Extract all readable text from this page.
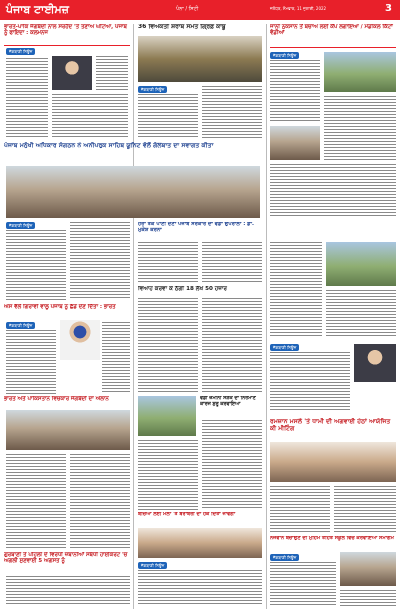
ਪੰਜਾਬ ਟਾਈਮਜ਼	ਪੰਨਾ / ਸਿਟੀ	ਜਲੰਧਰ, ਸੋਮਵਾਰ, 11 ਜੁਲਾਈ, 2022	3
ਭਾਰਤ-ਪਾਕਿ ਜੰਗਬੰਦੀ ਨਾਲ ਸਰਹੱਦ 'ਤੇ ਤਣਾਅ ਘਟਿਆ, ਪੰਜਾਬ ਨੂੰ ਫਾਇਦਾ : ਕਲਮਨਜ
ਜੱਗਬਾਣੀ ਨਿਊਜ਼
ਪੰਜਾਬ ਮਨੁੱਖੀ ਅਧਿਕਾਰ ਸੰਗਠਨ ਨੇ ਅਨੀਪਰੁਕ ਸਾਹਿਬ ਯੂਨਿਟ ਵੱਲੋਂ ਗੱਲਬਾਤ ਦਾ ਸਵਾਗਤ ਕੀਤਾ
ਜੱਗਬਾਣੀ ਨਿਊਜ਼
ਐਸ ਵੱਲੋਂ ਗਿਰਾਵੀ ਵਾਲੂ ਪੰਜਾਬ ਨੂੰ ਛੱਡੇ ਦੇਣ ਦਿੱਤਾ : ਭਾਰਤ
ਜੱਗਬਾਣੀ ਨਿਊਜ਼
ਭਾਰਤ ਅਤੇ ਪਾਕਿਸਤਾਨ ਵਿਚਕਾਰ ਜੰਗਬੰਦੀ ਦਾ ਐਲਾਨ
ਗੁਰਬਾਣੀ ਤੇ ਪਹਿਲੀ ਦੇ ਵਿਰੋਧੀ ਜ਼ਬਾਨੀਆਂ ਸਬੰਧੀ ਹਾਈਕੋਰਟ 'ਚ ਅਗਲੀ ਸੁਣਵਾਈ 5 ਅਗਸਤ ਨੂੰ
36 ਵਿਅਕਤੀ ਸ਼ਰਾਬ ਸਮੇਤ ਗ੍ਰਿਫ਼ ਕਾਬੂ
ਜੱਗਬਾਣੀ ਨਿਊਜ਼
ਹੋਰਾਂ ਤੱਕ ਪਾਣੀ ਦੇਣਾ ਪੰਜਾਬ ਸਰਕਾਰ ਦਾ ਵੱਡਾ ਉਪਰਾਲਾ : ਡਾ. ਮੁਕੇਸ਼ ਕਰਨਾ
ਵਿਆਹ ਕਰਵਾ ਕੇ ਠੱਗੀ 18 ਲੱਖ 50 ਹਜ਼ਾਰ
ਵੱਡੀ ਜ਼ਮੀਨੀ ਸੜਕ ਦਾ ਨਿਰਮਾਣ ਕਾਰਜ ਸ਼ੁਰੂ ਕਰਵਾਇਆ
ਬੱਚਿਆਂ ਲਈ ਮੇਲਾ 'ਤੇ ਬਰਾਬਰੀ ਦਾ ਹੱਕ ਦਿੱਤਾ ਜਾਵੇਗਾ
ਜੱਗਬਾਣੀ ਨਿਊਜ਼
ਜਾਨੀ ਨੁਕਸਾਨ ਤੋਂ ਬਚਾਅ ਲਈ ਕੈਂਪ ਲਗਾਇਆ / ਮੈਡੀਕਲ ਕਿੱਟਾਂ ਵੰਡੀਆਂ
ਜੱਗਬਾਣੀ ਨਿਊਜ਼
ਜੱਗਬਾਣੀ ਨਿਊਜ਼
ਰਮਜ਼ਾਨ ਮਸਲੇ 'ਤੇ ਧਾਮੀ ਦੀ ਅਗਵਾਈ ਹੇਠਾਂ ਆਯੋਜਿਤ ਕੀ ਮੀਟਿੰਗ
ਨੌਜਵਾਨ ਬਚਾਉਣ ਦੀ ਮੁਹਿੰਮ ਤਹਿਤ ਸਕੂਲ ਵਿੱਚ ਕਰਵਾਇਆ ਸਮਾਗਮ
ਜੱਗਬਾਣੀ ਨਿਊਜ਼
